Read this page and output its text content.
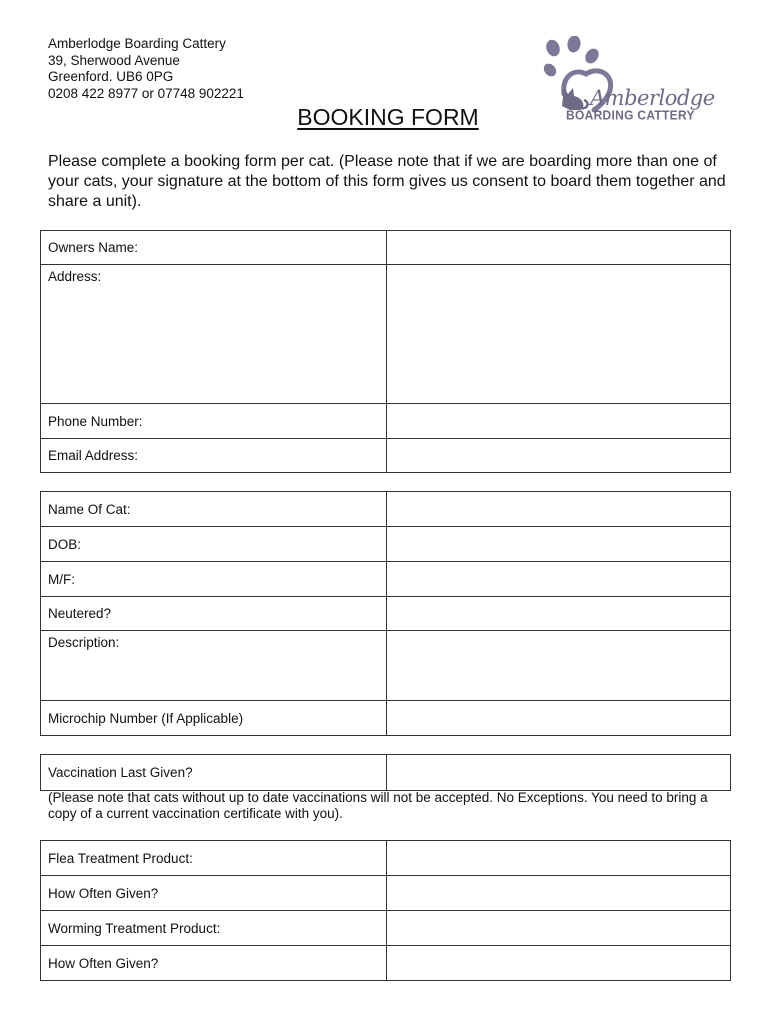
Amberlodge Boarding Cattery
39, Sherwood Avenue
Greenford. UB6 0PG
0208 422 8977 or 07748 902221	Amberlodge
BOARDING CATTERY
BOOKING FORM
Please complete a booking form per cat. (Please note that if we are boarding more than one of your cats, your signature at the bottom of this form gives us consent to board them together and share a unit).
Owners Name:	
Address:	
Phone Number:	
Email Address:	
Name Of Cat:	
DOB:	
M/F:	
Neutered?	
Description:	
Microchip Number (If Applicable)	
Vaccination Last Given?	
(Please note that cats without up to date vaccinations will not be accepted. No Exceptions. You need to bring a copy of a current vaccination certificate with you).
Flea Treatment Product:	
How Often Given?	
Worming Treatment Product:	
How Often Given?	
